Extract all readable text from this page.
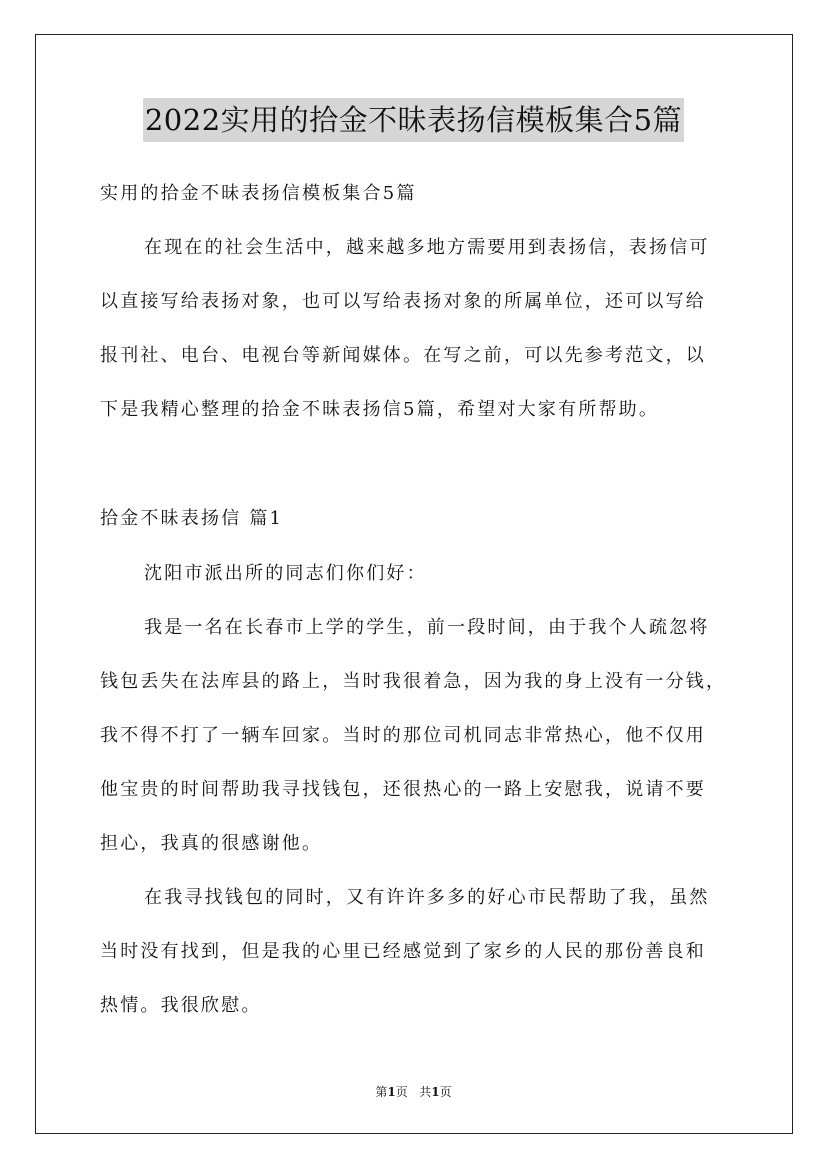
2022实用的拾金不昧表扬信模板集合5篇
实用的拾金不昧表扬信模板集合5篇
在现在的社会生活中，越来越多地方需要用到表扬信，表扬信可
以直接写给表扬对象，也可以写给表扬对象的所属单位，还可以写给
报刊社、电台、电视台等新闻媒体。在写之前，可以先参考范文，以
下是我精心整理的拾金不昧表扬信5篇，希望对大家有所帮助。
拾金不昧表扬信 篇1
沈阳市派出所的同志们你们好：
我是一名在长春市上学的学生，前一段时间，由于我个人疏忽将
钱包丢失在法库县的路上，当时我很着急，因为我的身上没有一分钱，
我不得不打了一辆车回家。当时的那位司机同志非常热心，他不仅用
他宝贵的时间帮助我寻找钱包，还很热心的一路上安慰我，说请不要
担心，我真的很感谢他。
在我寻找钱包的同时，又有许许多多的好心市民帮助了我，虽然
当时没有找到，但是我的心里已经感觉到了家乡的人民的那份善良和
热情。我很欣慰。
第1页 共1页
